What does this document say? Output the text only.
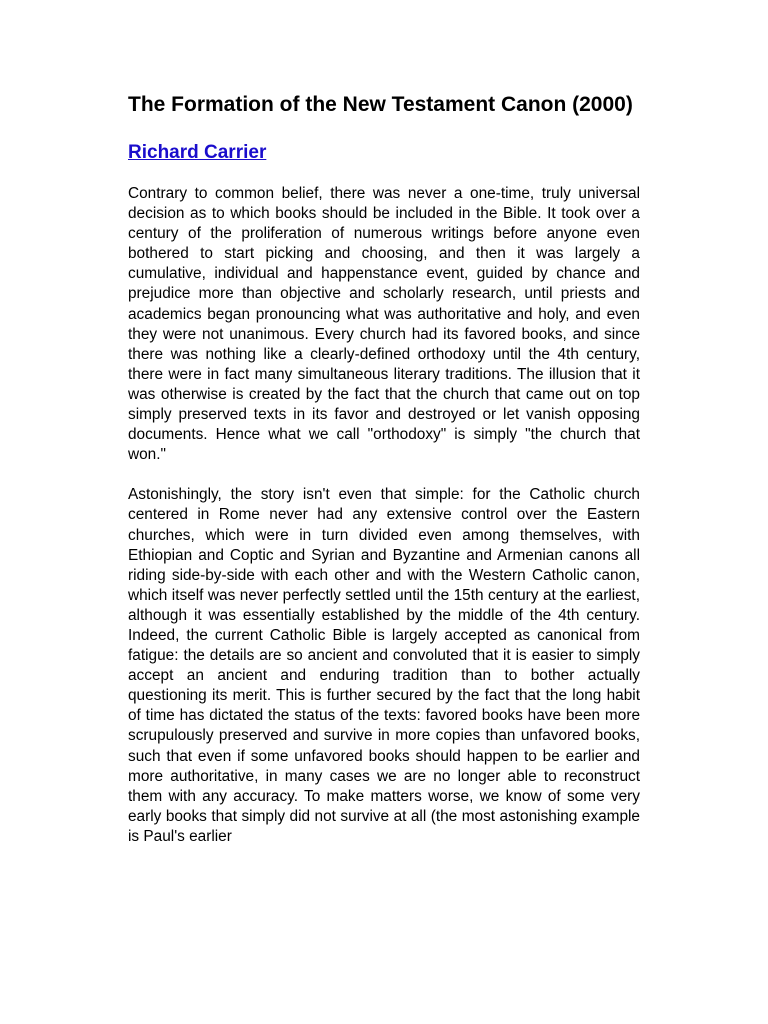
The Formation of the New Testament Canon (2000)
Richard Carrier

Contrary to common belief, there was never a one-time, truly universal decision as to which books should be included in the Bible. It took over a century of the proliferation of numerous writings before anyone even bothered to start picking and choosing, and then it was largely a cumulative, individual and happenstance event, guided by chance and prejudice more than objective and scholarly research, until priests and academics began pronouncing what was authoritative and holy, and even they were not unanimous. Every church had its favored books, and since there was nothing like a clearly-defined orthodoxy until the 4th century, there were in fact many simultaneous literary traditions. The illusion that it was otherwise is created by the fact that the church that came out on top simply preserved texts in its favor and destroyed or let vanish opposing documents. Hence what we call "orthodoxy" is simply "the church that won."

Astonishingly, the story isn't even that simple: for the Catholic church centered in Rome never had any extensive control over the Eastern churches, which were in turn divided even among themselves, with Ethiopian and Coptic and Syrian and Byzantine and Armenian canons all riding side-by-side with each other and with the Western Catholic canon, which itself was never perfectly settled until the 15th century at the earliest, although it was essentially established by the middle of the 4th century. Indeed, the current Catholic Bible is largely accepted as canonical from fatigue: the details are so ancient and convoluted that it is easier to simply accept an ancient and enduring tradition than to bother actually questioning its merit. This is further secured by the fact that the long habit of time has dictated the status of the texts: favored books have been more scrupulously preserved and survive in more copies than unfavored books, such that even if some unfavored books should happen to be earlier and more authoritative, in many cases we are no longer able to reconstruct them with any accuracy. To make matters worse, we know of some very early books that simply did not survive at all (the most astonishing example is Paul's earlier
